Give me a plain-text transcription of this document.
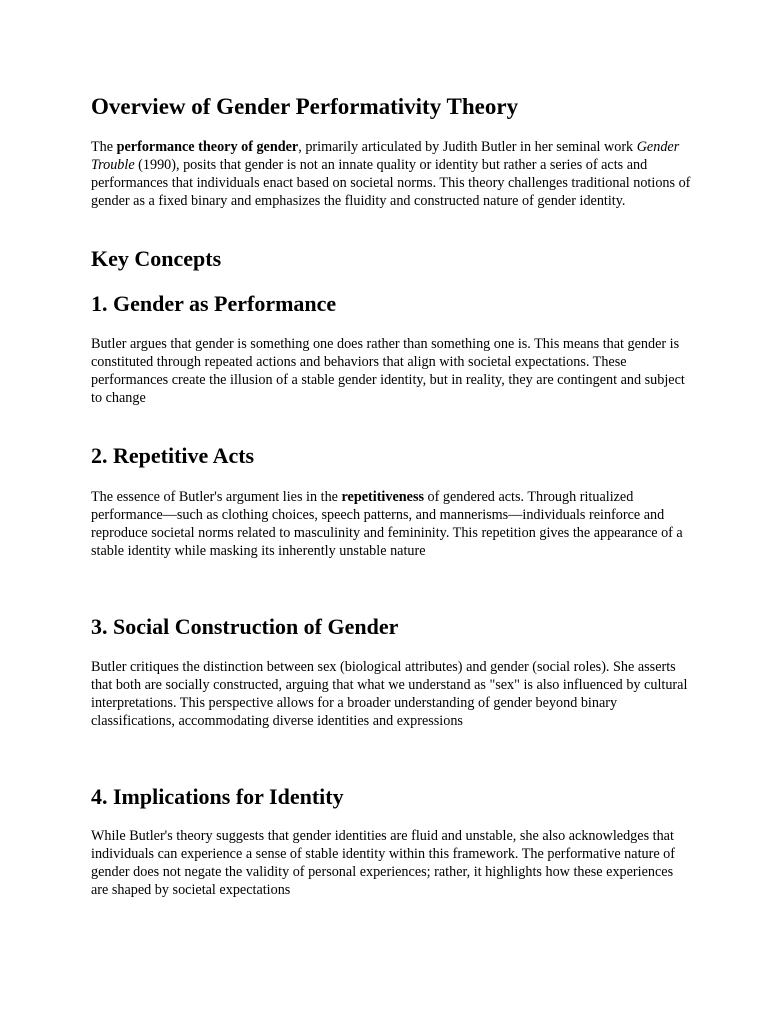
Overview of Gender Performativity Theory

The performance theory of gender, primarily articulated by Judith Butler in her seminal work Gender Trouble (1990), posits that gender is not an innate quality or identity but rather a series of acts and performances that individuals enact based on societal norms. This theory challenges traditional notions of gender as a fixed binary and emphasizes the fluidity and constructed nature of gender identity.

Key Concepts
1. Gender as Performance

Butler argues that gender is something one does rather than something one is. This means that gender is constituted through repeated actions and behaviors that align with societal expectations. These performances create the illusion of a stable gender identity, but in reality, they are contingent and subject to change

2. Repetitive Acts

The essence of Butler's argument lies in the repetitiveness of gendered acts. Through ritualized performance—such as clothing choices, speech patterns, and mannerisms—individuals reinforce and reproduce societal norms related to masculinity and femininity. This repetition gives the appearance of a stable identity while masking its inherently unstable nature

3. Social Construction of Gender

Butler critiques the distinction between sex (biological attributes) and gender (social roles). She asserts that both are socially constructed, arguing that what we understand as "sex" is also influenced by cultural interpretations. This perspective allows for a broader understanding of gender beyond binary classifications, accommodating diverse identities and expressions

4. Implications for Identity

While Butler's theory suggests that gender identities are fluid and unstable, she also acknowledges that individuals can experience a sense of stable identity within this framework. The performative nature of gender does not negate the validity of personal experiences; rather, it highlights how these experiences are shaped by societal expectations
